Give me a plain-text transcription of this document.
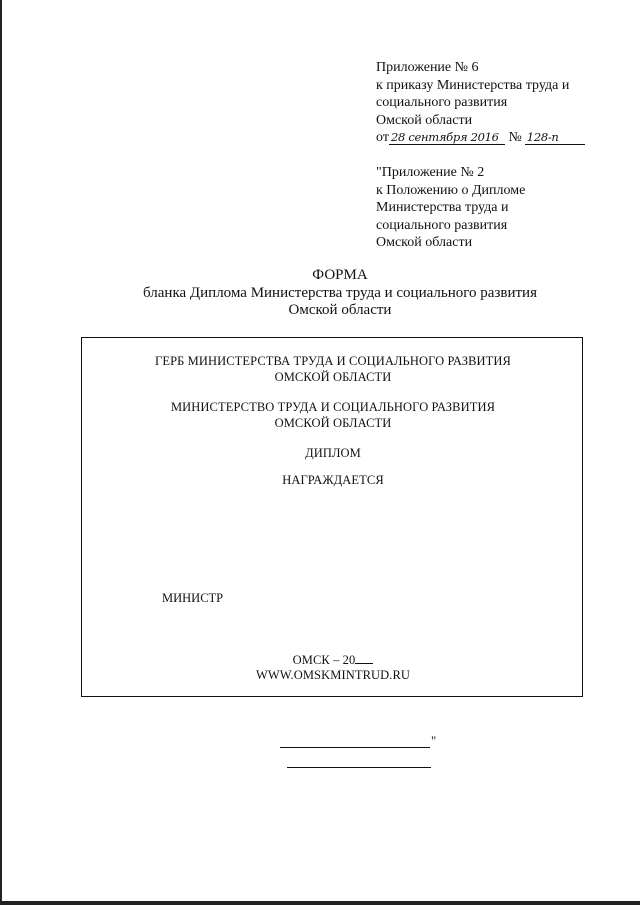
Приложение № 6
к приказу Министерства труда и
социального развития
Омской области
от 28 сентября 2016 № 128-п
"Приложение № 2
к Положению о Дипломе
Министерства труда и
социального развития
Омской области
ФОРМА
бланка Диплома Министерства труда и социального развития
Омской области
ГЕРБ МИНИСТЕРСТВА ТРУДА И СОЦИАЛЬНОГО РАЗВИТИЯ
ОМСКОЙ ОБЛАСТИ
МИНИСТЕРСТВО ТРУДА И СОЦИАЛЬНОГО РАЗВИТИЯ
ОМСКОЙ ОБЛАСТИ
ДИПЛОМ
НАГРАЖДАЕТСЯ
МИНИСТР
ОМСК – 20
WWW.OMSKMINTRUD.RU
"
